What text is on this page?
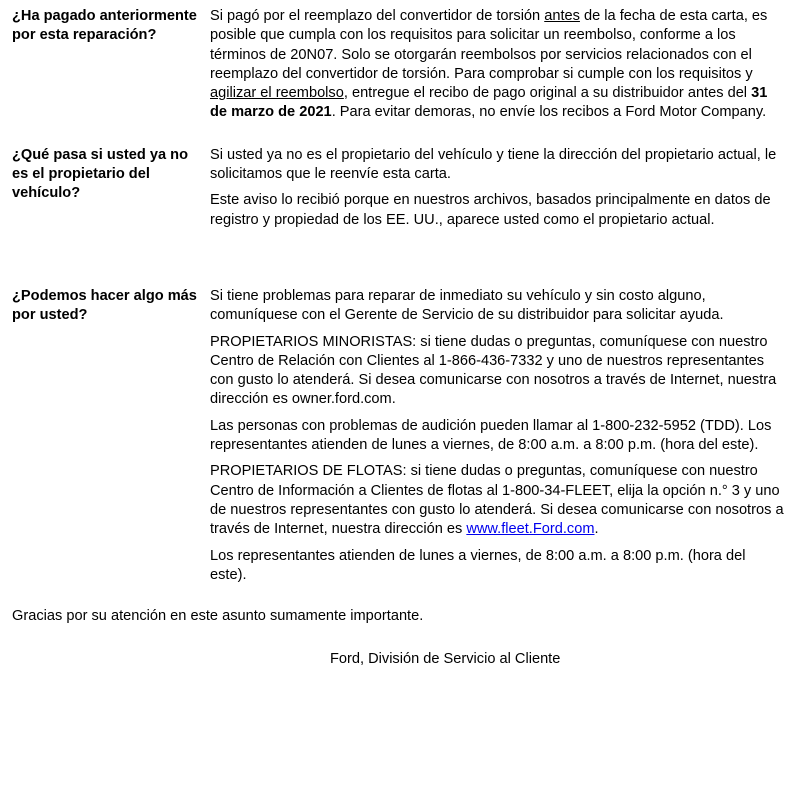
¿Ha pagado anteriormente por esta reparación?

Si pagó por el reemplazo del convertidor de torsión antes de la fecha de esta carta, es posible que cumpla con los requisitos para solicitar un reembolso, conforme a los términos de 20N07. Solo se otorgarán reembolsos por servicios relacionados con el reemplazo del convertidor de torsión. Para comprobar si cumple con los requisitos y agilizar el reembolso, entregue el recibo de pago original a su distribuidor antes del 31 de marzo de 2021. Para evitar demoras, no envíe los recibos a Ford Motor Company.

¿Qué pasa si usted ya no es el propietario del vehículo?

Si usted ya no es el propietario del vehículo y tiene la dirección del propietario actual, le solicitamos que le reenvíe esta carta.

Este aviso lo recibió porque en nuestros archivos, basados principalmente en datos de registro y propiedad de los EE. UU., aparece usted como el propietario actual.

¿Podemos hacer algo más por usted?

Si tiene problemas para reparar de inmediato su vehículo y sin costo alguno, comuníquese con el Gerente de Servicio de su distribuidor para solicitar ayuda.

PROPIETARIOS MINORISTAS: si tiene dudas o preguntas, comuníquese con nuestro Centro de Relación con Clientes al 1-866-436-7332 y uno de nuestros representantes con gusto lo atenderá. Si desea comunicarse con nosotros a través de Internet, nuestra dirección es owner.ford.com.

Las personas con problemas de audición pueden llamar al 1-800-232-5952 (TDD). Los representantes atienden de lunes a viernes, de 8:00 a.m. a 8:00 p.m. (hora del este).

PROPIETARIOS DE FLOTAS: si tiene dudas o preguntas, comuníquese con nuestro Centro de Información a Clientes de flotas al 1-800-34-FLEET, elija la opción n.° 3 y uno de nuestros representantes con gusto lo atenderá. Si desea comunicarse con nosotros a través de Internet, nuestra dirección es www.fleet.Ford.com.

Los representantes atienden de lunes a viernes, de 8:00 a.m. a 8:00 p.m. (hora del este).

Gracias por su atención en este asunto sumamente importante.
Ford, División de Servicio al Cliente
